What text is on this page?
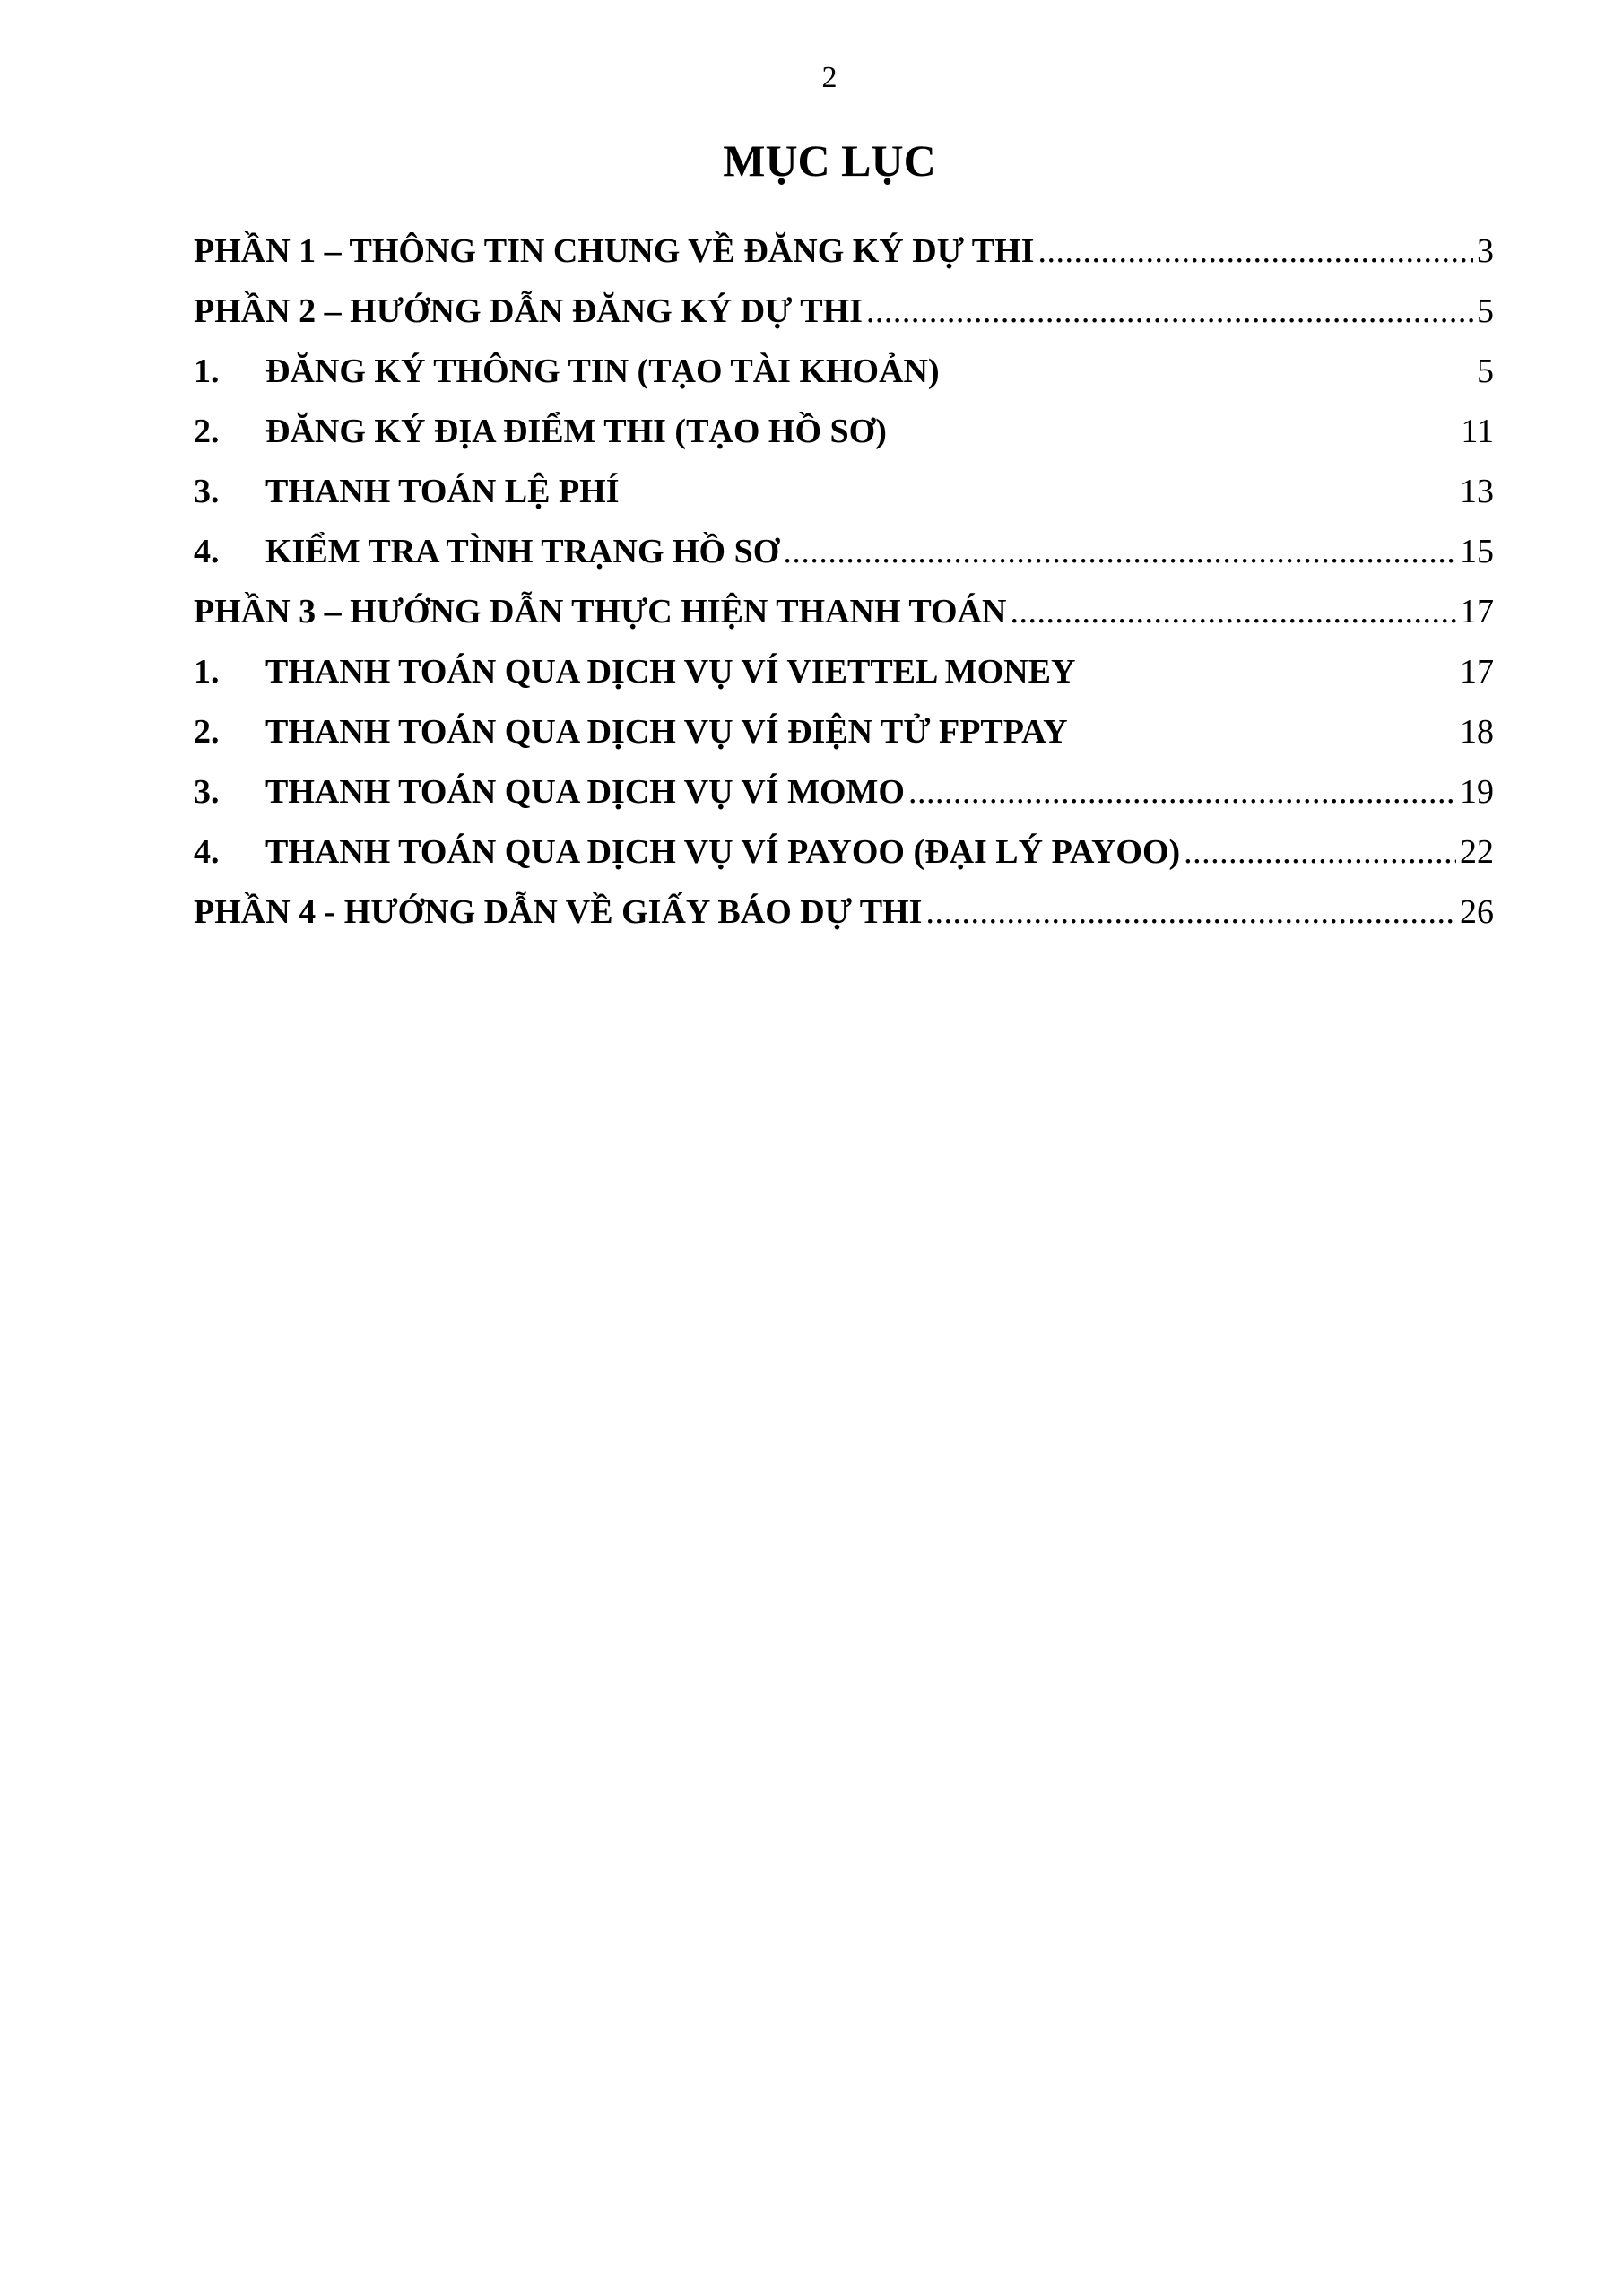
2
MỤC LỤC
PHẦN 1 – THÔNG TIN CHUNG VỀ ĐĂNG KÝ DỰ THI .....	3
PHẦN 2 – HƯỚNG DẪN ĐĂNG KÝ DỰ THI .....	5
1.	ĐĂNG KÝ THÔNG TIN (TẠO TÀI KHOẢN)	5
2.	ĐĂNG KÝ ĐỊA ĐIỂM THI (TẠO HỒ SƠ)	11
3.	THANH TOÁN LỆ PHÍ	13
4.	KIỂM TRA TÌNH TRẠNG HỒ SƠ .....	15
PHẦN 3 – HƯỚNG DẪN THỰC HIỆN THANH TOÁN .....	17
1.	THANH TOÁN QUA DỊCH VỤ VÍ VIETTEL MONEY	17
2.	THANH TOÁN QUA DỊCH VỤ VÍ ĐIỆN TỬ FPTPAY	18
3.	THANH TOÁN QUA DỊCH VỤ VÍ MOMO .....	19
4.	THANH TOÁN QUA DỊCH VỤ VÍ PAYOO (ĐẠI LÝ PAYOO) .....	22
PHẦN 4 - HƯỚNG DẪN VỀ GIẤY BÁO DỰ THI .....	26
